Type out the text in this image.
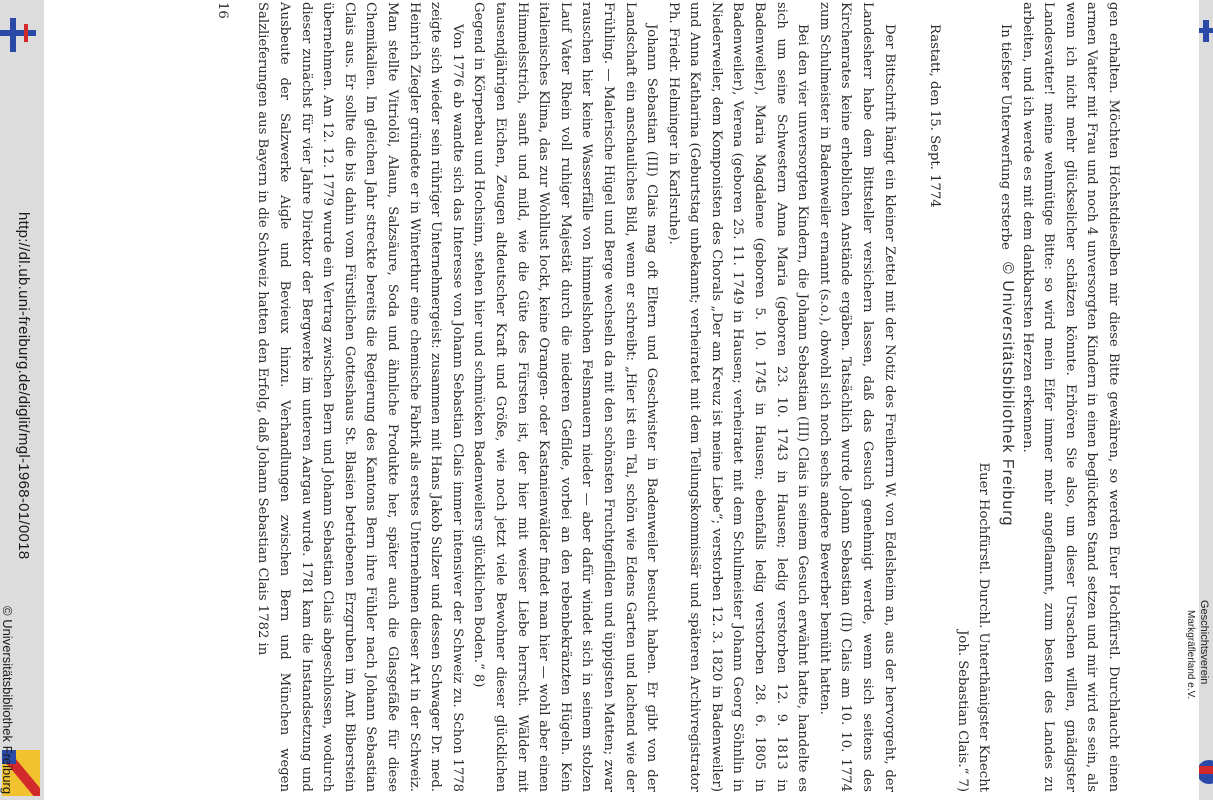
gen erhalten. Möchten Höchstdieselben mir diese Bitte gewähren, so werden Euer Hochfürstl. Durchlaucht einen armen Vatter mit Frau und noch 4 unversorgten Kindern in einen beglückten Stand setzen und mir wird es sein, als wenn ich nicht mehr glückselicher schätzen könnte. Erhören Sie also, um dieser Ursachen willen, gnädigster Landesvatter! meine wehmütige Bitte: so wird mein Eifer immer mehr angeflammt, zum besten des Landes zu arbeiten, und ich werde es mit dem dankbarsten Herzen erkennen.

In tiefster Unterwerfung ersterbe

Euer Hochfürstl. Durchl. Unterthänigster Knecht

Joh. Sebastian Clais.“ 7)

Rastatt, den 15. Sept. 1774

Der Bittschrift hängt ein kleiner Zettel mit der Notiz des Freiherrn W. von Edelsheim an, aus der hervorgeht, der Landesherr habe dem Bittsteller versichern lassen, daß das Gesuch genehmigt werde, wenn sich seitens des Kirchenrates keine erheblichen Anstände ergäben. Tatsächlich wurde Johann Sebastian (II) Clais am 10. 10. 1774 zum Schulmeister in Badenweiler ernannt (s.o.), obwohl sich noch sechs andere Bewerber bemüht hatten.

Bei den vier unversorgten Kindern, die Johann Sebastian (III) Clais in seinem Gesuch erwähnt hatte, handelte es sich um seine Schwestern Anna Maria (geboren 23. 10. 1743 in Hausen; ledig verstorben 12. 9. 1813 in Badenweiler), Maria Magdalene (geboren 5. 10. 1745 in Hausen; ebenfalls ledig verstorben 28. 6. 1805 in Badenweiler), Verena (geboren 25. 11. 1749 in Hausen; verheiratet mit dem Schulmeister Johann Georg Söhnlin in Niederweiler, dem Komponisten des Chorals „Der am Kreuz ist meine Liebe“; verstorben 12. 3. 1820 in Badenweiler) und Anna Katharina (Geburtstag unbekannt; verheiratet mit dem Teilungskommissär und späteren Archivregistrator Ph. Friedr. Helminger in Karlsruhe).

Johann Sebastian (III) Clais mag oft Eltern und Geschwister in Badenweiler besucht haben. Er gibt von der Landschaft ein anschauliches Bild, wenn er schreibt: „Hier ist ein Tal, schön wie Edens Garten und lachend wie der Frühling. — Malerische Hügel und Berge wechseln da mit den schönsten Fruchtgefilden und üppigsten Matten; zwar rauschen hier keine Wasserfälle von himmelshohen Felsmauern nieder — aber dafür windet sich in seinem stolzen Lauf Vater Rhein voll ruhiger Majestät durch die niederen Gefilde, vorbei an den rebenbekränzten Hügeln. Kein italienisches Klima, das zur Wohllust lockt, keine Orangen- oder Kastanienwälder findet man hier — wohl aber einen Himmelsstrich, sanft und mild, wie die Güte des Fürsten ist, der hier mit weiser Liebe herrscht. Wälder mit tausendjährigen Eichen, Zeugen altdeutscher Kraft und Größe, wie noch jetzt viele Bewohner dieser glücklichen Gegend in Körperbau und Hochsinn, stehen hier und schmücken Badenweilers glücklichen Boden.“ 8)

Von 1776 ab wandte sich das Interesse von Johann Sebastian Clais immer intensiver der Schweiz zu. Schon 1778 zeigte sich wieder sein rühriger Unternehmergeist: zusammen mit Hans Jakob Sulzer und dessen Schwager Dr. med. Heinrich Ziegler gründete er in Winterthur eine chemische Fabrik als erstes Unternehmen dieser Art in der Schweiz. Man stellte Vitriolöl, Alaun, Salzsäure, Soda und ähnliche Produkte her, später auch die Glasgefäße für diese Chemikalien. Im gleichen Jahr streckte bereits die Regierung des Kantons Bern ihre Fühler nach Johann Sebastian Clais aus. Er sollte die bis dahin vom Fürstlichen Gotteshaus St. Blasien betriebenen Erzgruben im Amt Biberstein übernehmen. Am 12. 12. 1779 wurde ein Vertrag zwischen Bern und Johann Sebastian Clais abgeschlossen, wodurch dieser zunächst für vier Jahre Direktor der Bergwerke im unteren Aargau wurde. 1781 kam die Instandsetzung und Ausbeute der Salzwerke Aigle und Bevieux hinzu. Verhandlungen zwischen Bern und München wegen Salzlieferungen aus Bayern in die Schweiz hatten den Erfolg, daß Johann Sebastian Clais 1782 in

16

© Universitätsbibliothek Freiburg
http://dl.ub.uni-freiburg.de/diglit/mgl-1968-01/0018
© Universitätsbibliothek Freiburg	Geschichtsverein
Markgräflerland e.V.
